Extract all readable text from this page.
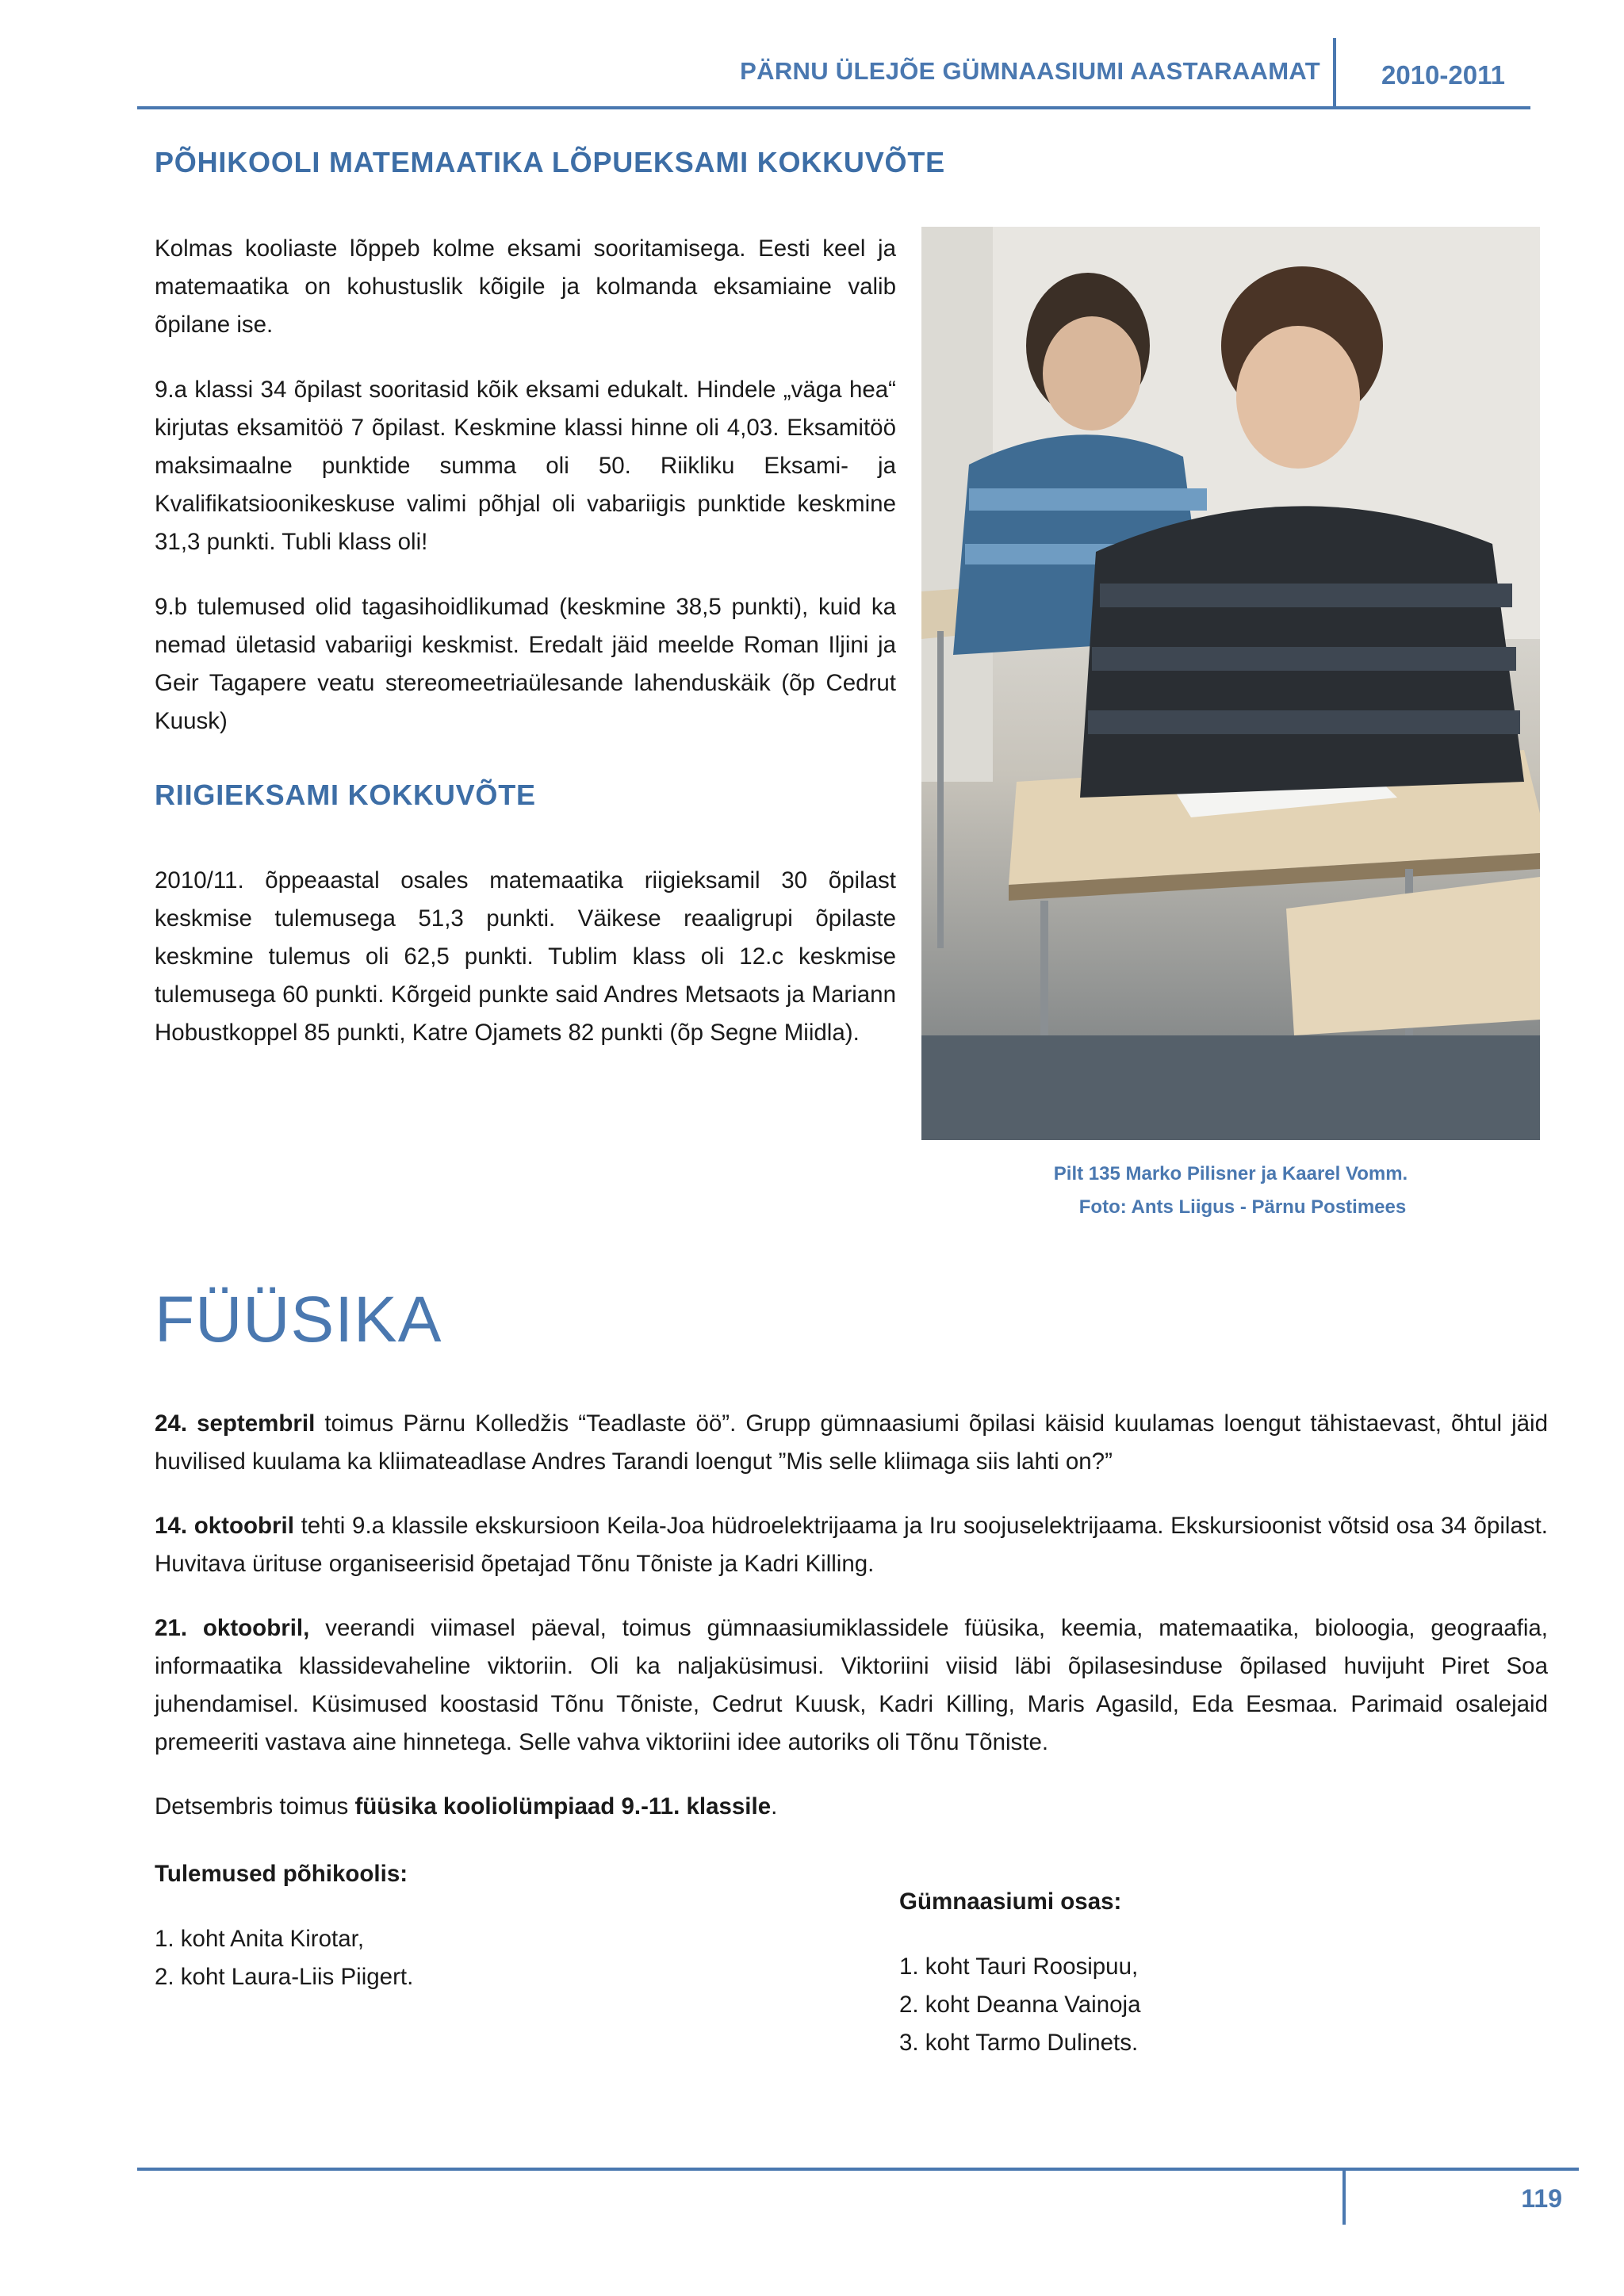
PÄRNU ÜLEJÕE GÜMNAASIUMI AASTARAAMAT 2010-2011
PÕHIKOOLI MATEMAATIKA LÕPUEKSAMI KOKKUVÕTE

Kolmas kooliaste lõppeb kolme eksami sooritamisega. Eesti keel ja matemaatika on kohustuslik kõigile ja kolmanda eksamiaine valib õpilane ise.

9.a klassi 34 õpilast sooritasid kõik eksami edukalt. Hindele „väga hea“ kirjutas eksamitöö 7 õpilast. Keskmine klassi hinne oli 4,03. Eksamitöö maksimaalne punktide summa oli 50. Riikliku Eksami- ja Kvalifikatsioonikeskuse valimi põhjal oli vabariigis punktide keskmine 31,3 punkti. Tubli klass oli!

9.b tulemused olid tagasihoidlikumad (keskmine 38,5 punkti), kuid ka nemad ületasid vabariigi keskmist. Eredalt jäid meelde Roman Iljini ja Geir Tagapere veatu stereomeetriaülesande lahenduskäik (õp Cedrut Kuusk)

RIIGIEKSAMI KOKKUVÕTE

2010/11. õppeaastal osales matemaatika riigieksamil 30 õpilast keskmise tulemusega 51,3 punkti. Väikese reaaligrupi õpilaste keskmine tulemus oli 62,5 punkti. Tublim klass oli 12.c keskmise tulemusega 60 punkti. Kõrgeid punkte said Andres Metsaots ja Mariann Hobustkoppel 85 punkti, Katre Ojamets 82 punkti (õp Segne Miidla).

Pilt 135 Marko Pilisner ja Kaarel Vomm.
Foto: Ants Liigus - Pärnu Postimees
FÜÜSIKA

24. septembril toimus Pärnu Kolledžis “Teadlaste öö”. Grupp gümnaasiumi õpilasi käisid kuulamas loengut tähistaevast, õhtul jäid huvilised kuulama ka kliimateadlase Andres Tarandi loengut ”Mis selle kliimaga siis lahti on?”

14. oktoobril tehti 9.a klassile ekskursioon Keila-Joa hüdroelektrijaama ja Iru soojuselektrijaama. Ekskursioonist võtsid osa 34 õpilast. Huvitava ürituse organiseerisid õpetajad Tõnu Tõniste ja Kadri Killing.

21. oktoobril, veerandi viimasel päeval, toimus gümnaasiumiklassidele füüsika, keemia, matemaatika, bioloogia, geograafia, informaatika klassidevaheline viktoriin. Oli ka naljaküsimusi. Viktoriini viisid läbi õpilasesinduse õpilased huvijuht Piret Soa juhendamisel. Küsimused koostasid Tõnu Tõniste, Cedrut Kuusk, Kadri Killing, Maris Agasild, Eda Eesmaa. Parimaid osalejaid premeeriti vastava aine hinnetega. Selle vahva viktoriini idee autoriks oli Tõnu Tõniste.

Detsembris toimus füüsika kooliolümpiaad 9.-11. klassile.

Tulemused põhikoolis:
1. koht Anita Kirotar,
2. koht Laura-Liis Piigert.
Gümnaasiumi osas:
1. koht Tauri Roosipuu,
2. koht Deanna Vainoja
3. koht Tarmo Dulinets.
119
